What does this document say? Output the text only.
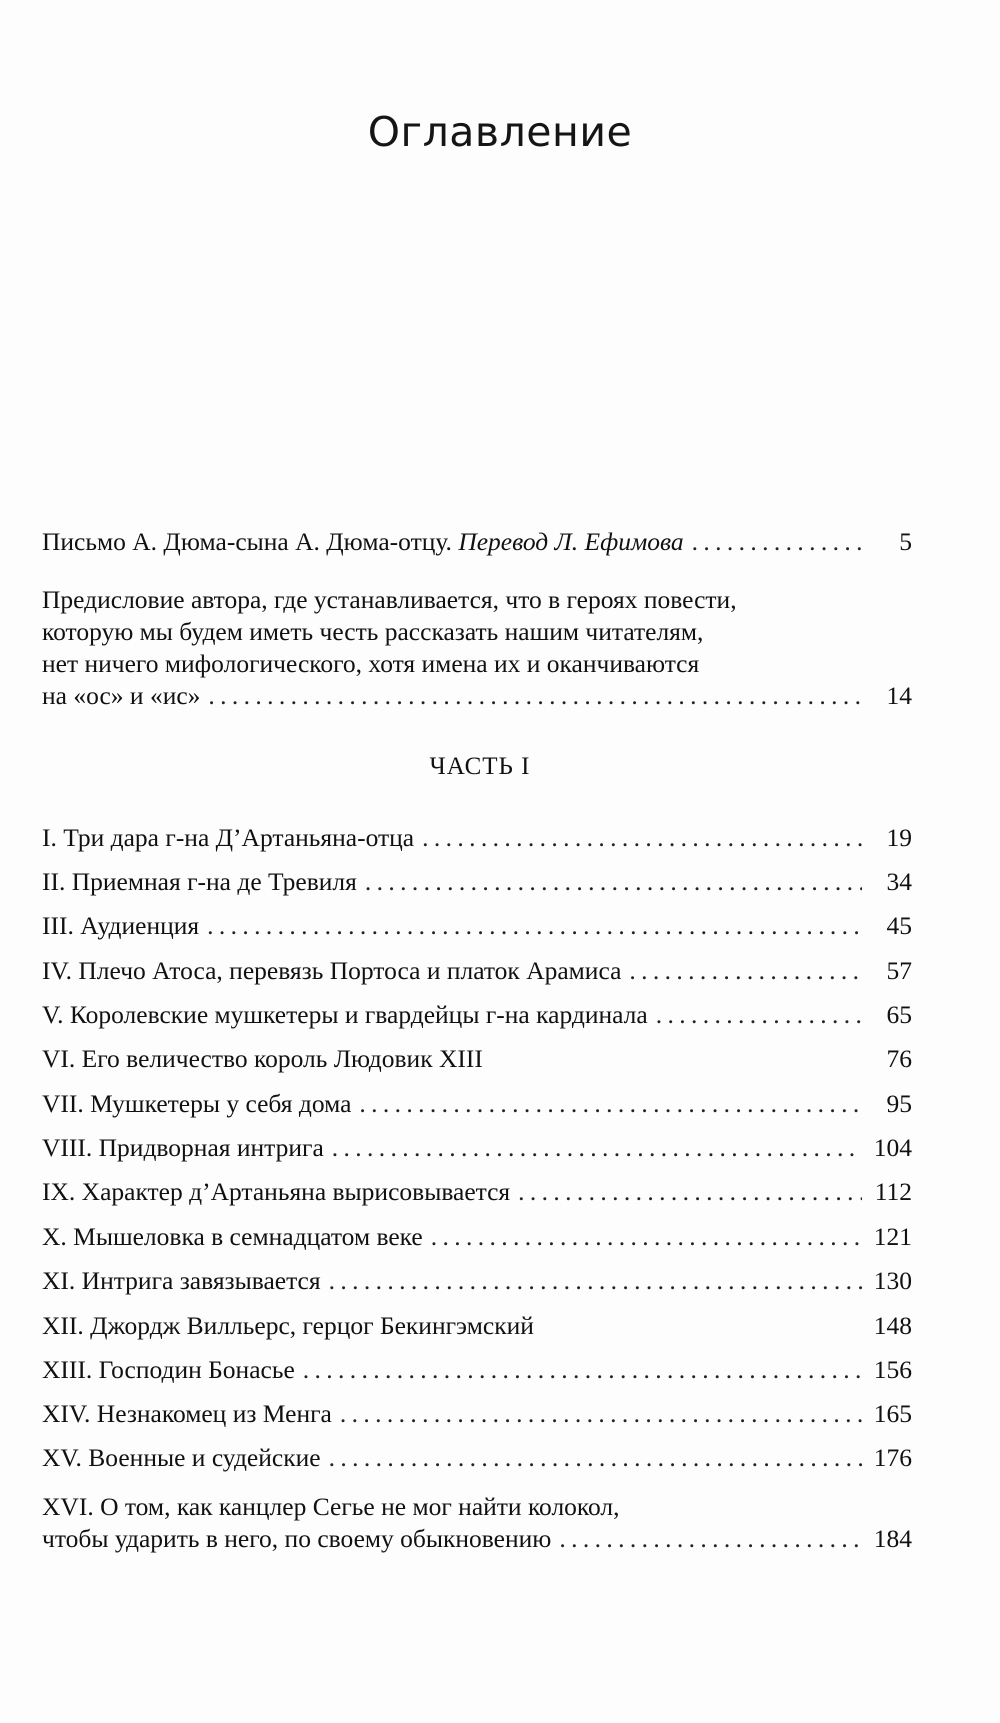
Оглавление
Письмо А. Дюма-сына А. Дюма-отцу. Перевод Л. Ефимова . . .	5
Предисловие автора, где устанавливается, что в героях повести,
которую мы будем иметь честь рассказать нашим читателям,
нет ничего мифологического, хотя имена их и оканчиваются
на «ос» и «ис» . . .	14
ЧАСТЬ I
I. Три дара г-на Д’Артаньяна-отца . . .	19
II. Приемная г-на де Тревиля . . .	34
III. Аудиенция . . .	45
IV. Плечо Атоса, перевязь Портоса и платок Арамиса . . .	57
V. Королевские мушкетеры и гвардейцы г-на кардинала . . .	65
VI. Его величество король Людовик XIII	76
VII. Мушкетеры у себя дома . . .	95
VIII. Придворная интрига . . .	104
IX. Характер д’Артаньяна вырисовывается . . .	112
X. Мышеловка в семнадцатом веке . . .	121
XI. Интрига завязывается . . .	130
XII. Джордж Вилльерс, герцог Бекингэмский	148
XIII. Господин Бонасье . . .	156
XIV. Незнакомец из Менга . . .	165
XV. Военные и судейские . . .	176
XVI. О том, как канцлер Сегье не мог найти колокол,
чтобы ударить в него, по своему обыкновению . . .	184
